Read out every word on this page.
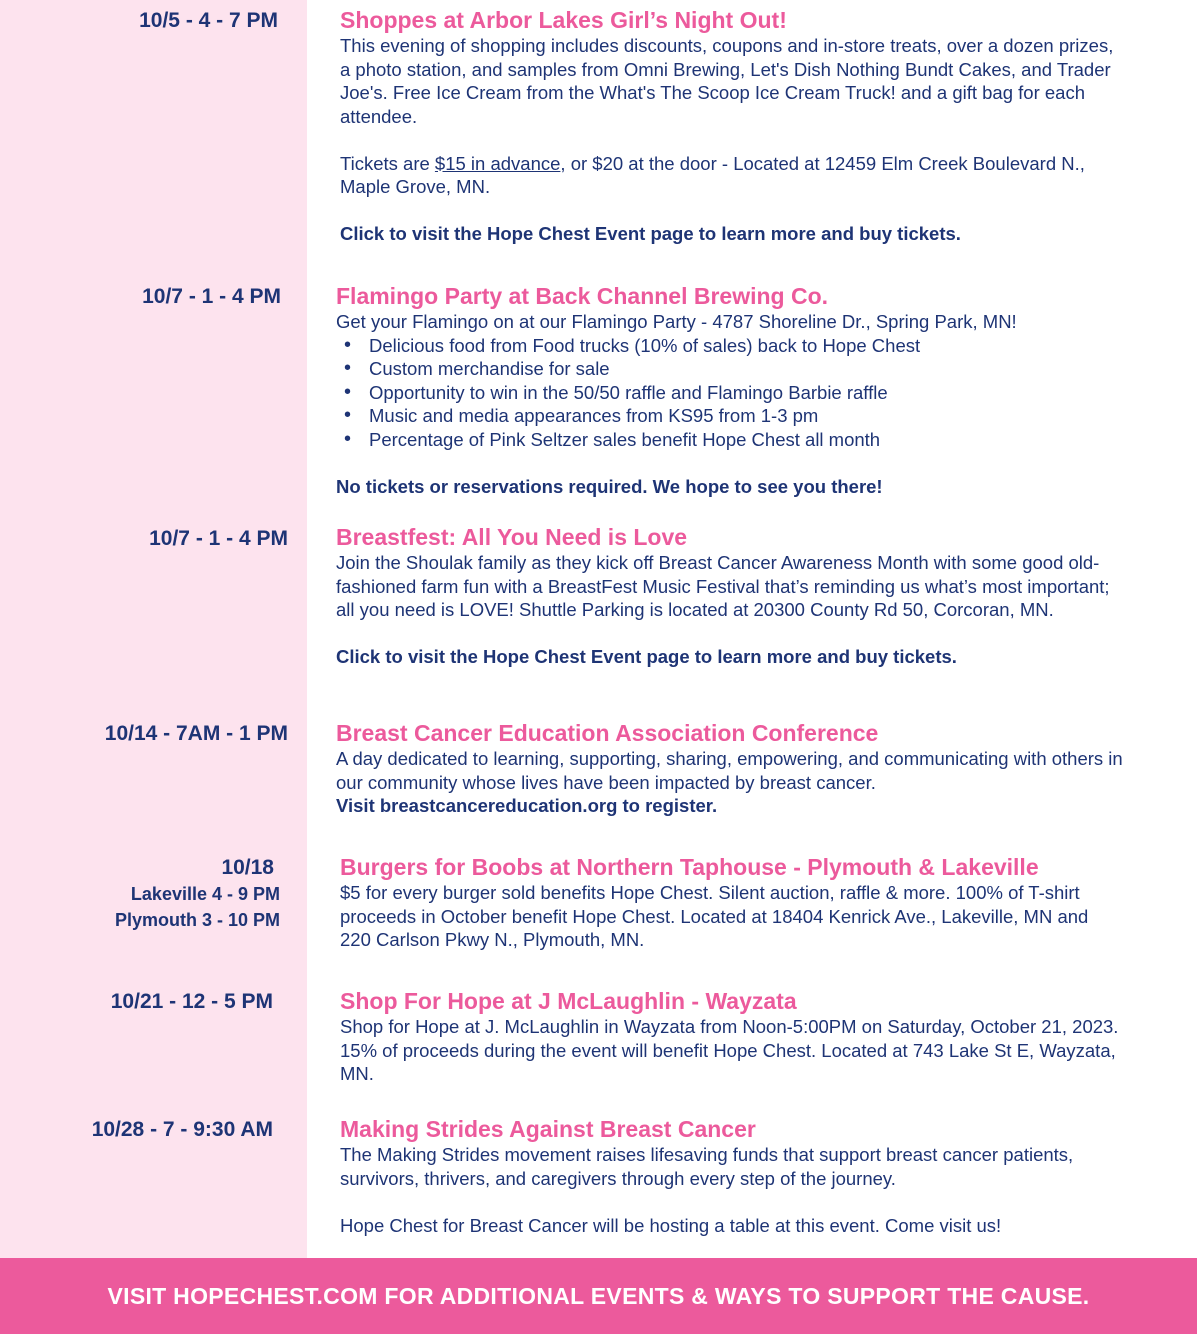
10/5 - 4 - 7 PM	Shoppes at Arbor Lakes Girl’s Night Out!
This evening of shopping includes discounts, coupons and in-store treats, over a dozen prizes, a photo station, and samples from Omni Brewing, Let's Dish Nothing Bundt Cakes, and Trader Joe's. Free Ice Cream from the What's The Scoop Ice Cream Truck! and a gift bag for each attendee.
Tickets are $15 in advance, or $20 at the door - Located at 12459 Elm Creek Boulevard N., Maple Grove, MN.
Click to visit the Hope Chest Event page to learn more and buy tickets.
10/7 - 1 - 4 PM Flamingo Party at Back Channel Brewing Co.
Get your Flamingo on at our Flamingo Party - 4787 Shoreline Dr., Spring Park, MN!
• Delicious food from Food trucks (10% of sales) back to Hope Chest
• Custom merchandise for sale
• Opportunity to win in the 50/50 raffle and Flamingo Barbie raffle
• Music and media appearances from KS95 from 1-3 pm
• Percentage of Pink Seltzer sales benefit Hope Chest all month
No tickets or reservations required. We hope to see you there!
10/7 - 1 - 4 PM Breastfest: All You Need is Love
Join the Shoulak family as they kick off Breast Cancer Awareness Month with some good old-fashioned farm fun with a BreastFest Music Festival that’s reminding us what’s most important; all you need is LOVE! Shuttle Parking is located at 20300 County Rd 50, Corcoran, MN.
Click to visit the Hope Chest Event page to learn more and buy tickets.
10/14 - 7AM - 1 PM Breast Cancer Education Association Conference
A day dedicated to learning, supporting, sharing, empowering, and communicating with others in our community whose lives have been impacted by breast cancer.
Visit breastcancereducation.org to register.
10/18
Lakeville 4 - 9 PM
Plymouth 3 - 10 PM
Burgers for Boobs at Northern Taphouse - Plymouth & Lakeville
$5 for every burger sold benefits Hope Chest. Silent auction, raffle & more. 100% of T-shirt proceeds in October benefit Hope Chest. Located at 18404 Kenrick Ave., Lakeville, MN and 220 Carlson Pkwy N., Plymouth, MN.
10/21 - 12 - 5 PM	Shop For Hope at J McLaughlin - Wayzata
Shop for Hope at J. McLaughlin in Wayzata from Noon-5:00PM on Saturday, October 21, 2023. 15% of proceeds during the event will benefit Hope Chest. Located at 743 Lake St E, Wayzata, MN.
10/28 - 7 - 9:30 AM	Making Strides Against Breast Cancer
The Making Strides movement raises lifesaving funds that support breast cancer patients, survivors, thrivers, and caregivers through every step of the journey.
Hope Chest for Breast Cancer will be hosting a table at this event. Come visit us!
VISIT HOPECHEST.COM FOR ADDITIONAL EVENTS & WAYS TO SUPPORT THE CAUSE.
